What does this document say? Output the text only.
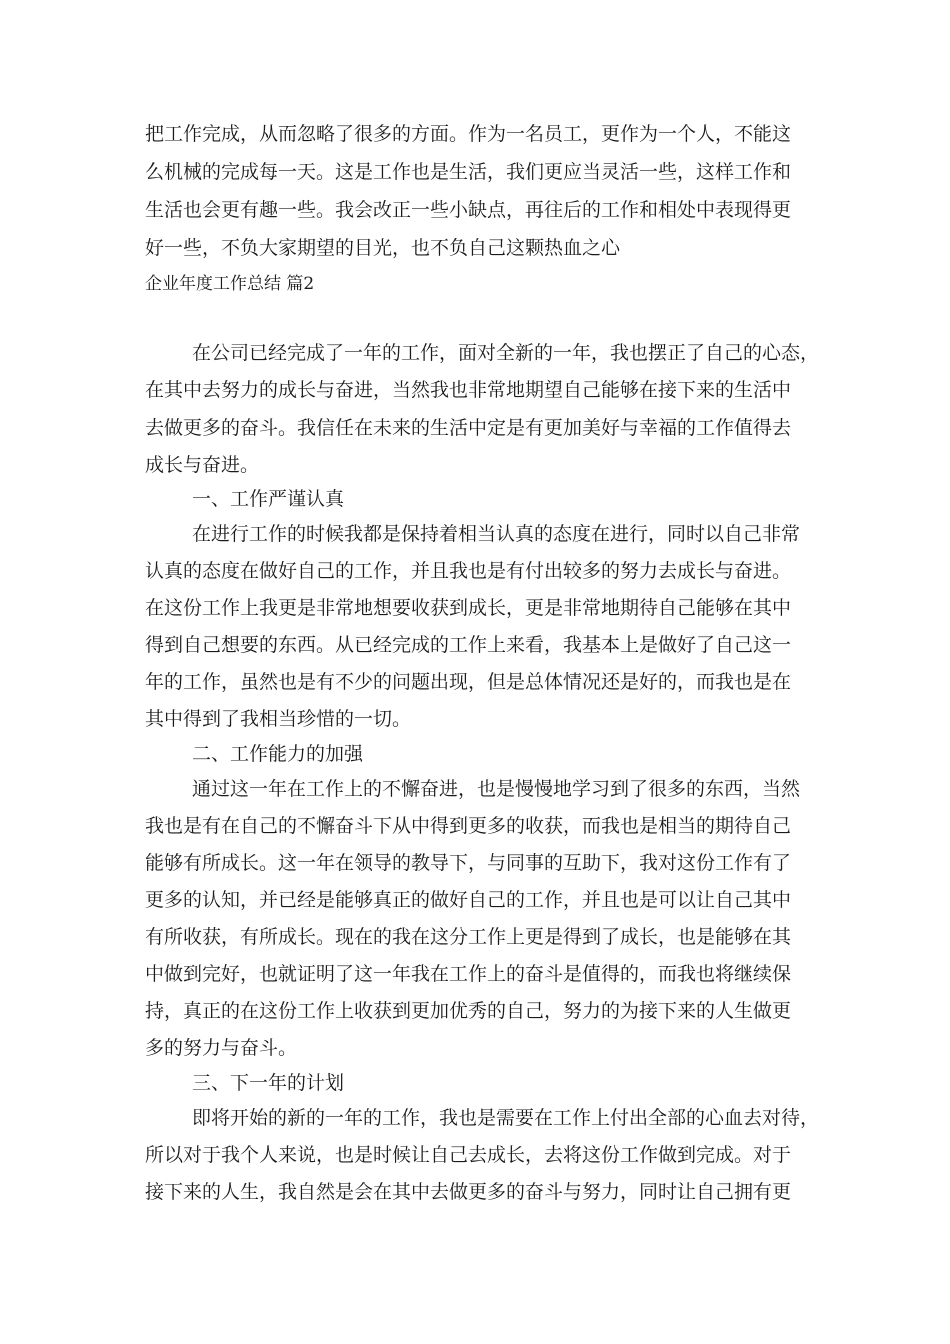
把工作完成，从而忽略了很多的方面。作为一名员工，更作为一个人，不能这

么机械的完成每一天。这是工作也是生活，我们更应当灵活一些，这样工作和

生活也会更有趣一些。我会改正一些小缺点，再往后的工作和相处中表现得更

好一些，不负大家期望的目光，也不负自己这颗热血之心

企业年度工作总结 篇2

在公司已经完成了一年的工作，面对全新的一年，我也摆正了自己的心态，

在其中去努力的成长与奋进，当然我也非常地期望自己能够在接下来的生活中

去做更多的奋斗。我信任在未来的生活中定是有更加美好与幸福的工作值得去

成长与奋进。

一、工作严谨认真

在进行工作的时候我都是保持着相当认真的态度在进行，同时以自己非常

认真的态度在做好自己的工作，并且我也是有付出较多的努力去成长与奋进。

在这份工作上我更是非常地想要收获到成长，更是非常地期待自己能够在其中

得到自己想要的东西。从已经完成的工作上来看，我基本上是做好了自己这一

年的工作，虽然也是有不少的问题出现，但是总体情况还是好的，而我也是在

其中得到了我相当珍惜的一切。

二、工作能力的加强

通过这一年在工作上的不懈奋进，也是慢慢地学习到了很多的东西，当然

我也是有在自己的不懈奋斗下从中得到更多的收获，而我也是相当的期待自己

能够有所成长。这一年在领导的教导下，与同事的互助下，我对这份工作有了

更多的认知，并已经是能够真正的做好自己的工作，并且也是可以让自己其中

有所收获，有所成长。现在的我在这分工作上更是得到了成长，也是能够在其

中做到完好，也就证明了这一年我在工作上的奋斗是值得的，而我也将继续保

持，真正的在这份工作上收获到更加优秀的自己，努力的为接下来的人生做更

多的努力与奋斗。

三、下一年的计划

即将开始的新的一年的工作，我也是需要在工作上付出全部的心血去对待，

所以对于我个人来说，也是时候让自己去成长，去将这份工作做到完成。对于

接下来的人生，我自然是会在其中去做更多的奋斗与努力，同时让自己拥有更
